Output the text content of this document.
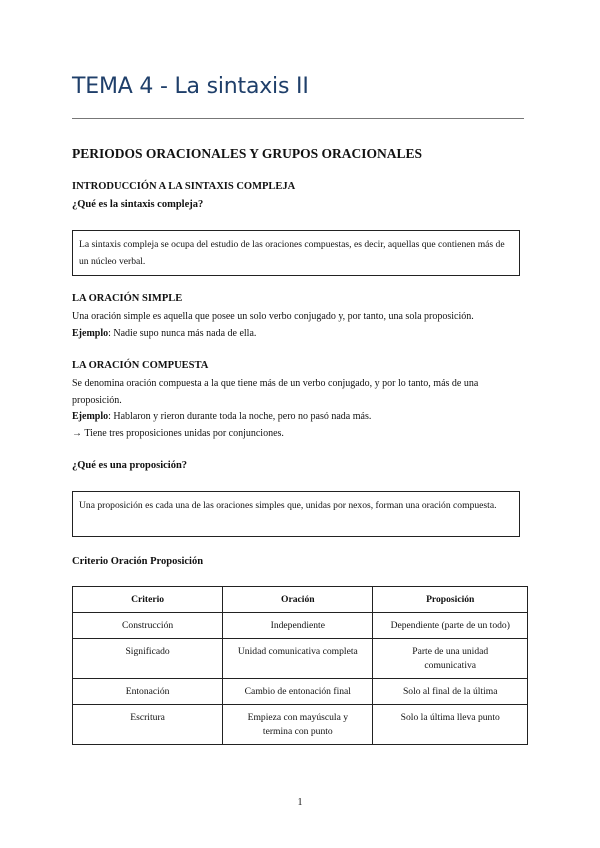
TEMA 4 - La sintaxis II
PERIODOS ORACIONALES Y GRUPOS ORACIONALES
INTRODUCCIÓN A LA SINTAXIS COMPLEJA
¿Qué es la sintaxis compleja?
La sintaxis compleja se ocupa del estudio de las oraciones compuestas, es decir, aquellas que contienen más de un núcleo verbal.
LA ORACIÓN SIMPLE

Una oración simple es aquella que posee un solo verbo conjugado y, por tanto, una sola proposición.

Ejemplo: Nadie supo nunca más nada de ella.

LA ORACIÓN COMPUESTA

Se denomina oración compuesta a la que tiene más de un verbo conjugado, y por lo tanto, más de una proposición.

Ejemplo: Hablaron y rieron durante toda la noche, pero no pasó nada más.

→ Tiene tres proposiciones unidas por conjunciones.

¿Qué es una proposición?
Una proposición es cada una de las oraciones simples que, unidas por nexos, forman una oración compuesta.
Criterio Oración Proposición
Criterio	Oración	Proposición
Construcción	Independiente	Dependiente (parte de un todo)
Significado	Unidad comunicativa completa	Parte de una unidad comunicativa
Entonación	Cambio de entonación final	Solo al final de la última
Escritura	Empieza con mayúscula y termina con punto	Solo la última lleva punto
1
